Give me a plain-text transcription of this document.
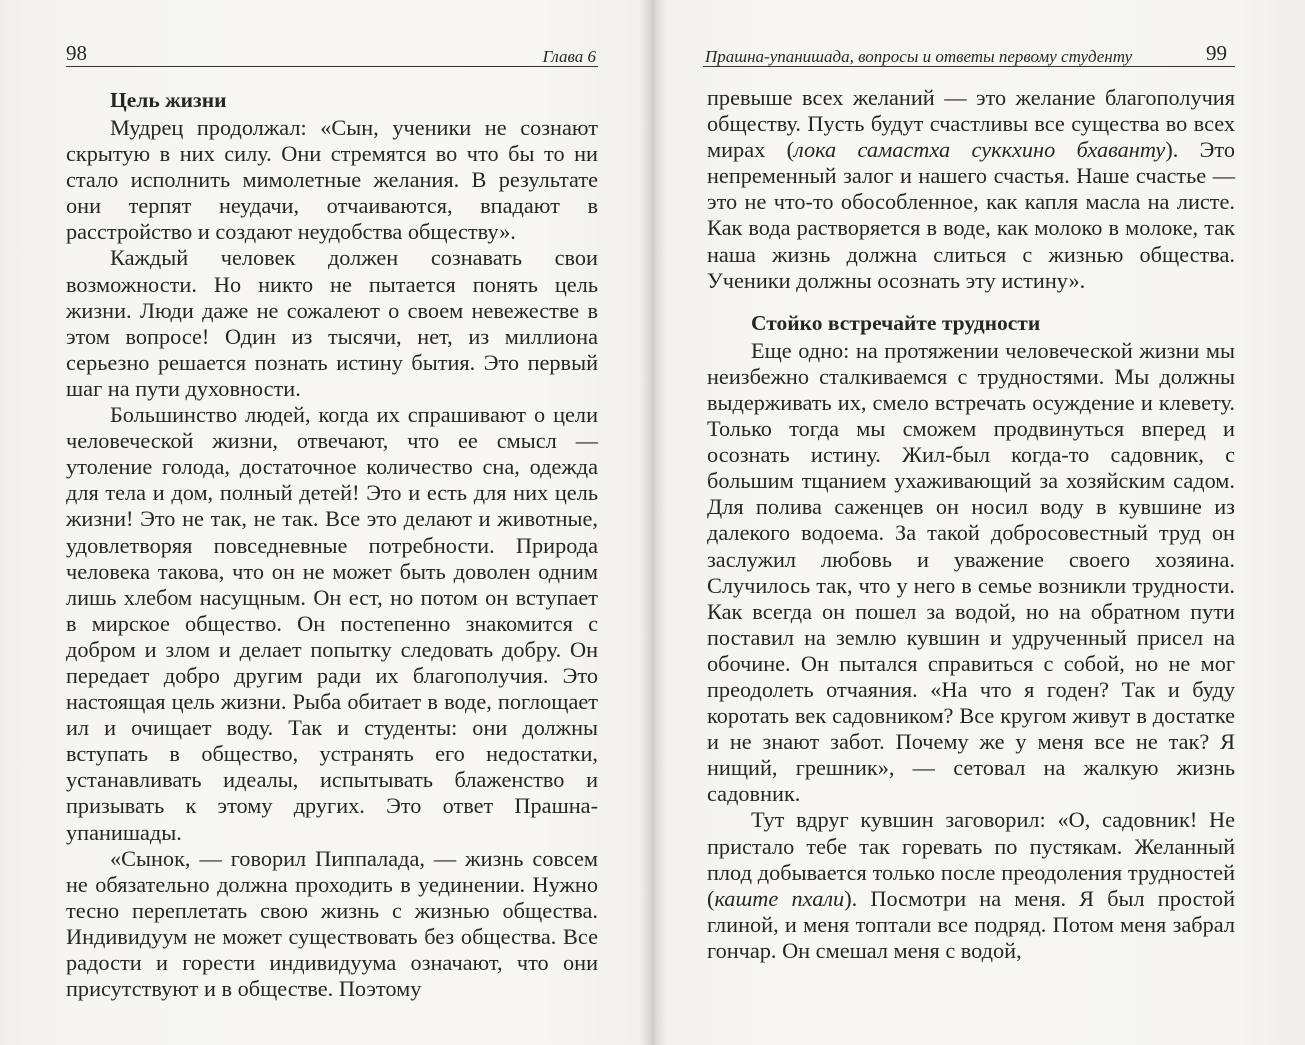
98	Глава 6
Цель жизни

Мудрец продолжал: «Сын, ученики не сознают скрытую в них силу. Они стремятся во что бы то ни стало исполнить мимолетные желания. В результате они терпят неудачи, отчаиваются, впадают в расстройство и создают неудобства обществу».

Каждый человек должен сознавать свои возможности. Но никто не пытается понять цель жизни. Люди даже не сожалеют о своем невежестве в этом вопросе! Один из тысячи, нет, из миллиона серьезно решается познать истину бытия. Это первый шаг на пути духовности.

Большинство людей, когда их спрашивают о цели человеческой жизни, отвечают, что ее смысл — утоление голода, достаточное количество сна, одежда для тела и дом, полный детей! Это и есть для них цель жизни! Это не так, не так. Все это делают и животные, удовлетворяя повседневные потребности. Природа человека такова, что он не может быть доволен одним лишь хлебом насущным. Он ест, но потом он вступает в мирское общество. Он постепенно знакомится с добром и злом и делает попытку следовать добру. Он передает добро другим ради их благополучия. Это настоящая цель жизни. Рыба обитает в воде, поглощает ил и очищает воду. Так и студенты: они должны вступать в общество, устранять его недостатки, устанавливать идеалы, испытывать блаженство и призывать к этому других. Это ответ Прашна-упанишады.

«Сынок, — говорил Пиппалада, — жизнь совсем не обязательно должна проходить в уединении. Нужно тесно переплетать свою жизнь с жизнью общества. Индивидуум не может существовать без общества. Все радости и горести индивидуума означают, что они присутствуют и в обществе. Поэтому

Прашна-упанишада, вопросы и ответы первому студенту	99

превыше всех желаний — это желание благополучия обществу. Пусть будут счастливы все существа во всех мирах (лока самастха суккхино бхаванту). Это непременный залог и нашего счастья. Наше счастье — это не что-то обособленное, как капля масла на листе. Как вода растворяется в воде, как молоко в молоке, так наша жизнь должна слиться с жизнью общества. Ученики должны осознать эту истину».

Стойко встречайте трудности

Еще одно: на протяжении человеческой жизни мы неизбежно сталкиваемся с трудностями. Мы должны выдерживать их, смело встречать осуждение и клевету. Только тогда мы сможем продвинуться вперед и осознать истину. Жил-был когда-то садовник, с большим тщанием ухаживающий за хозяйским садом. Для полива саженцев он носил воду в кувшине из далекого водоема. За такой добросовестный труд он заслужил любовь и уважение своего хозяина. Случилось так, что у него в семье возникли трудности. Как всегда он пошел за водой, но на обратном пути поставил на землю кувшин и удрученный присел на обочине. Он пытался справиться с собой, но не мог преодолеть отчаяния. «На что я годен? Так и буду коротать век садовником? Все кругом живут в достатке и не знают забот. Почему же у меня все не так? Я нищий, грешник», — сетовал на жалкую жизнь садовник.

Тут вдруг кувшин заговорил: «О, садовник! Не пристало тебе так горевать по пустякам. Желанный плод добывается только после преодоления трудностей (каште пхали). Посмотри на меня. Я был простой глиной, и меня топтали все подряд. Потом меня забрал гончар. Он смешал меня с водой,
